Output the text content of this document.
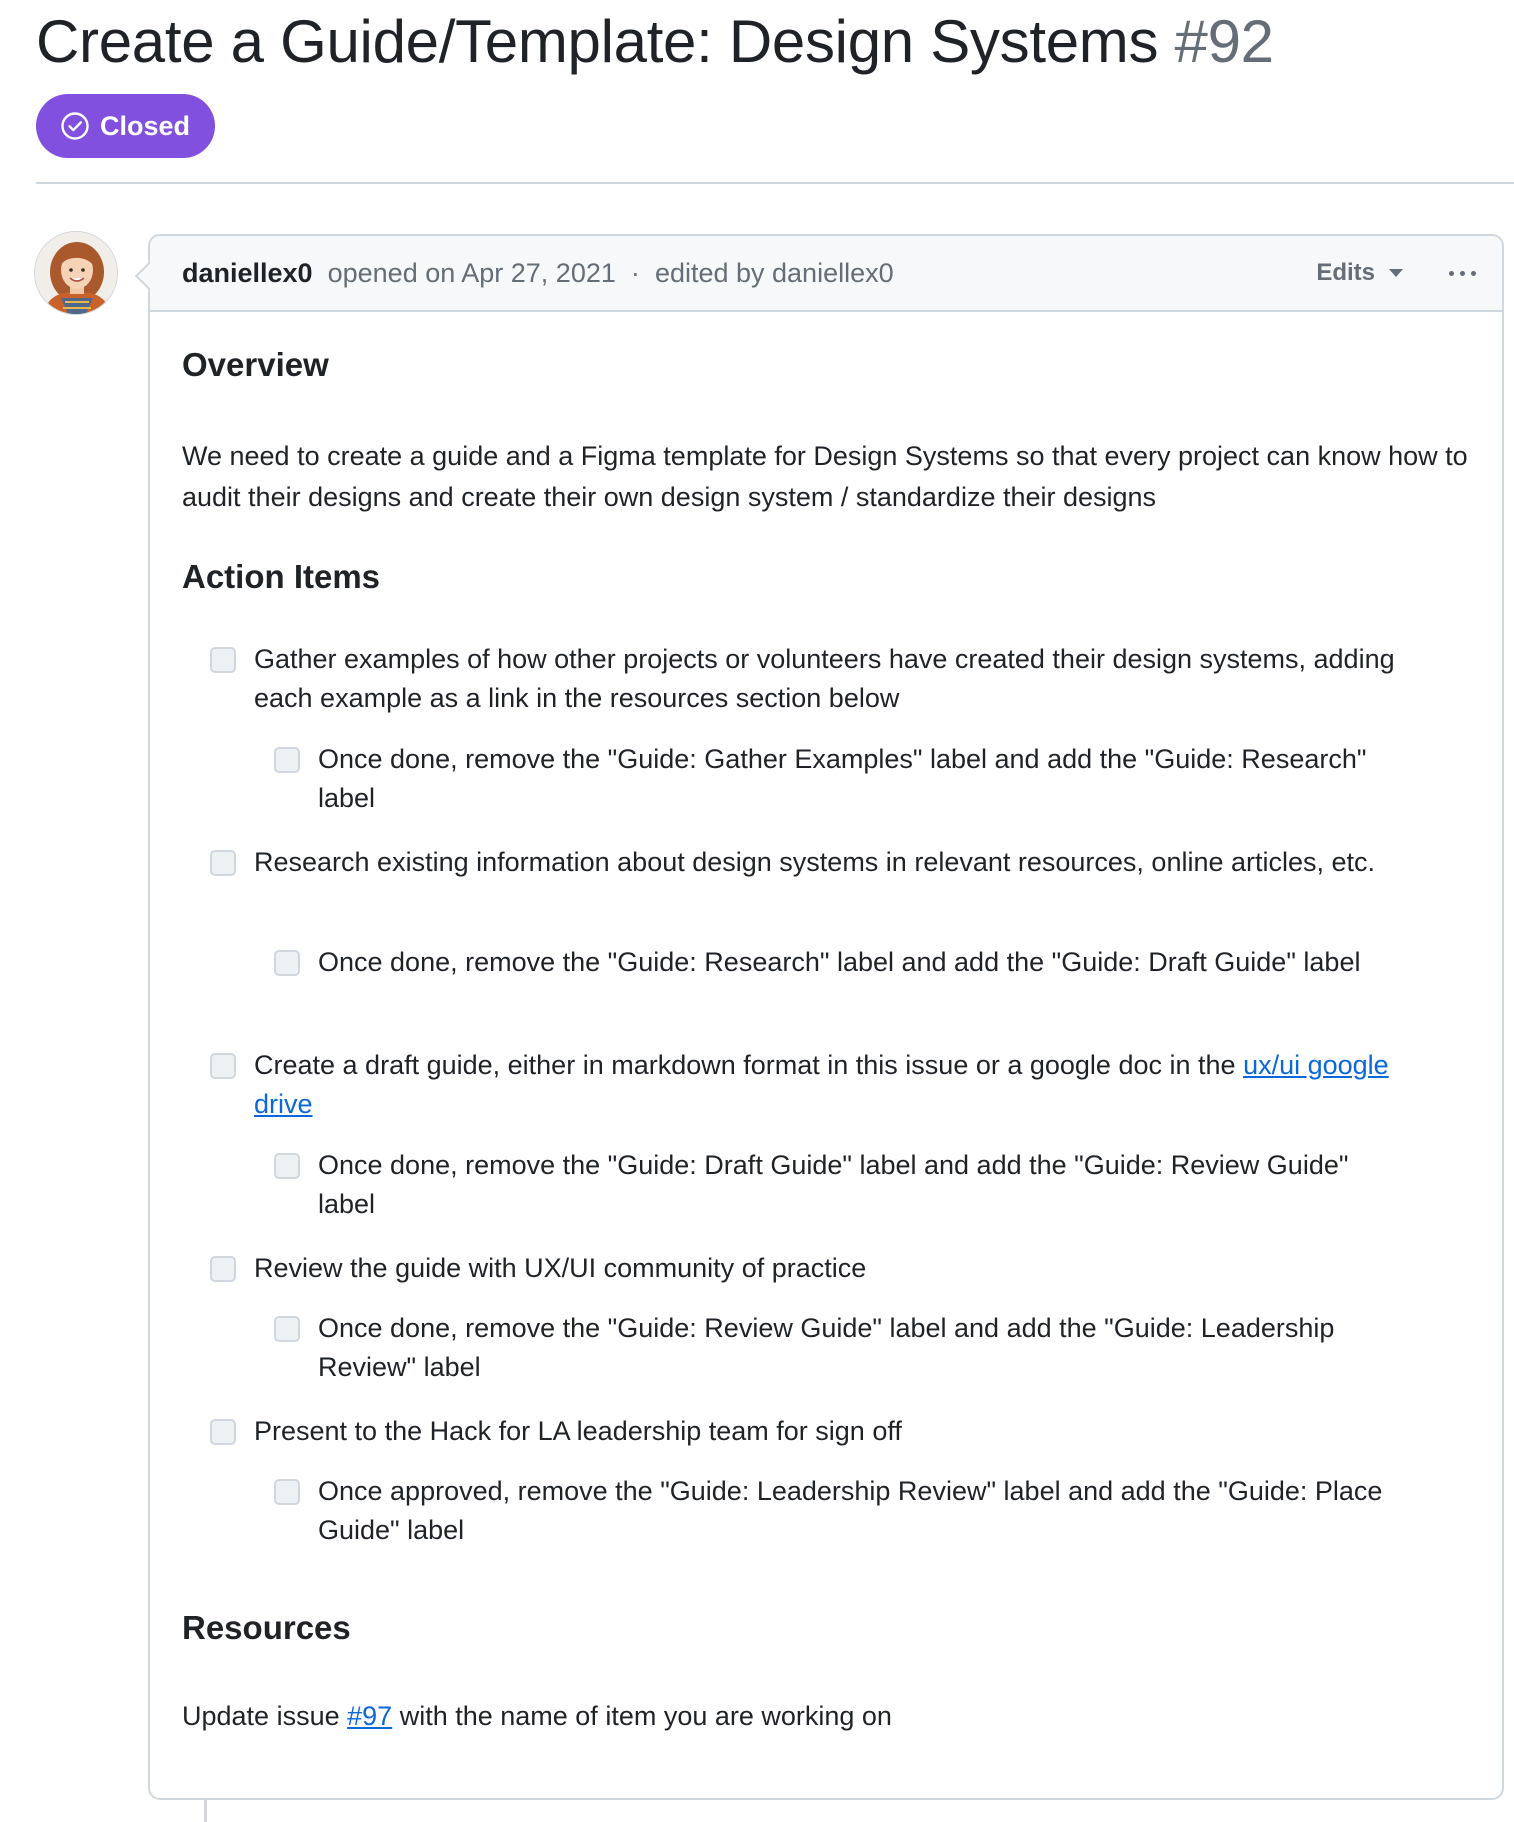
Create a Guide/Template: Design Systems #92
Closed
daniellex0 opened on Apr 27, 2021 · edited by daniellex0	Edits
Overview

We need to create a guide and a Figma template for Design Systems so that every project can know how to audit their designs and create their own design system / standardize their designs

Action Items
Gather examples of how other projects or volunteers have created their design systems, adding each example as a link in the resources section below
Once done, remove the "Guide: Gather Examples" label and add the "Guide: Research" label
Research existing information about design systems in relevant resources, online articles, etc.
Once done, remove the "Guide: Research" label and add the "Guide: Draft Guide" label
Create a draft guide, either in markdown format in this issue or a google doc in the ux/ui google drive
Once done, remove the "Guide: Draft Guide" label and add the "Guide: Review Guide" label
Review the guide with UX/UI community of practice
Once done, remove the "Guide: Review Guide" label and add the "Guide: Leadership Review" label
Present to the Hack for LA leadership team for sign off
Once approved, remove the "Guide: Leadership Review" label and add the "Guide: Place Guide" label
Resources

Update issue #97 with the name of item you are working on
